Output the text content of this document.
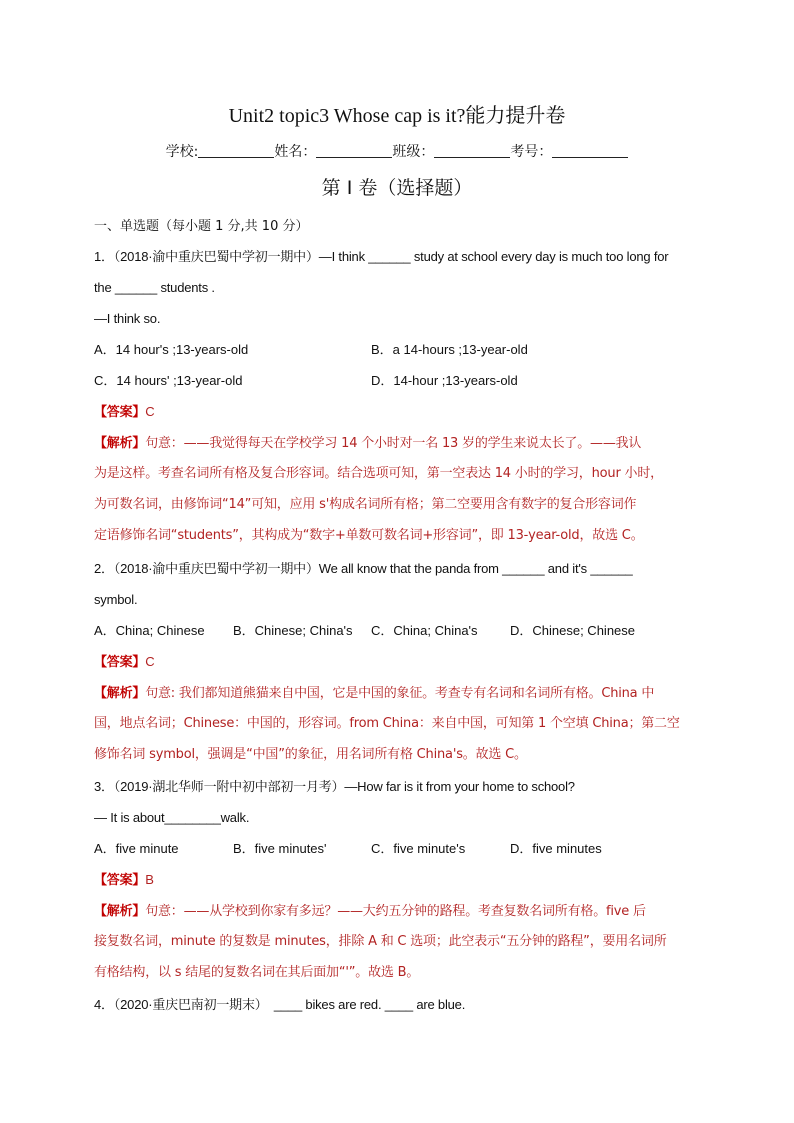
Unit2 topic3 Whose cap is it?能力提升卷
学校:	姓名：	班级：	考号：
第 I 卷（选择题）
一、单选题（每小题 1 分,共 10 分）
1．（2018·渝中重庆巴蜀中学初一期中）—I think ______ study at school every day is much too long for
the ______ students .
—I think so.
A．14 hour's ;13-years-old	B．a 14-hours ;13-year-old
C．14 hours' ;13-year-old	D．14-hour ;13-years-old
【答案】C
【解析】句意：——我觉得每天在学校学习 14 个小时对一名 13 岁的学生来说太长了。——我认
为是这样。考查名词所有格及复合形容词。结合选项可知，第一空表达 14 小时的学习，hour 小时，
为可数名词，由修饰词“14”可知，应用 s'构成名词所有格；第二空要用含有数字的复合形容词作
定语修饰名词“students”，其构成为“数字+单数可数名词+形容词”，即 13-year-old，故选 C。
2．（2018·渝中重庆巴蜀中学初一期中）We all know that the panda from ______ and it's ______
symbol.
A．China; Chinese B．Chinese; China's C．China; China's D．Chinese; Chinese
【答案】C
【解析】句意: 我们都知道熊猫来自中国，它是中国的象征。考查专有名词和名词所有格。China 中
国，地点名词；Chinese：中国的，形容词。from China：来自中国，可知第 1 个空填 China；第二空
修饰名词 symbol，强调是“中国”的象征，用名词所有格 China's。故选 C。
3．（2019·湖北华师一附中初中部初一月考）—How far is it from your home to school?
— It is about________walk.
A．five minute	B．five minutes'	C．five minute's	D．five minutes
【答案】B
【解析】句意：——从学校到你家有多远？——大约五分钟的路程。考查复数名词所有格。five 后
接复数名词，minute 的复数是 minutes，排除 A 和 C 选项；此空表示“五分钟的路程”，要用名词所
有格结构，以 s 结尾的复数名词在其后面加“'”。故选 B。
4．（2020·重庆巴南初一期末）　____ bikes are red. ____ are blue.
